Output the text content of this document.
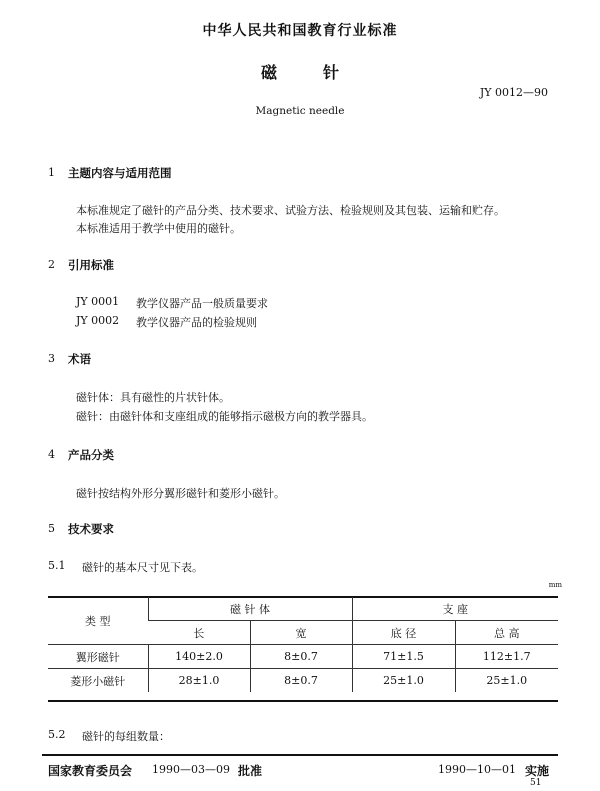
中华人民共和国教育行业标准
磁针
JY 0012—90
Magnetic needle
1 主题内容与适用范围
本标准规定了磁针的产品分类、技术要求、试验方法、检验规则及其包装、运输和贮存。
本标准适用于教学中使用的磁针。
2 引用标准
JY 0001 教学仪器产品一般质量要求
JY 0002 教学仪器产品的检验规则
3 术语
磁针体：具有磁性的片状针体。
磁针：由磁针体和支座组成的能够指示磁极方向的教学器具。
4 产品分类
磁针按结构外形分翼形磁针和菱形小磁针。
5 技术要求
5.1 磁针的基本尺寸见下表。
mm
类 型	磁 针 体		支 座	
	长	宽	底 径	总 高
翼形磁针	140±2.0	8±0.7	71±1.5	112±1.7
菱形小磁针	28±1.0	8±0.7	25±1.0	25±1.0
5.2 磁针的每组数量：
国家教育委员会 1990—03—09 批准	1990—10—01 实施
51
